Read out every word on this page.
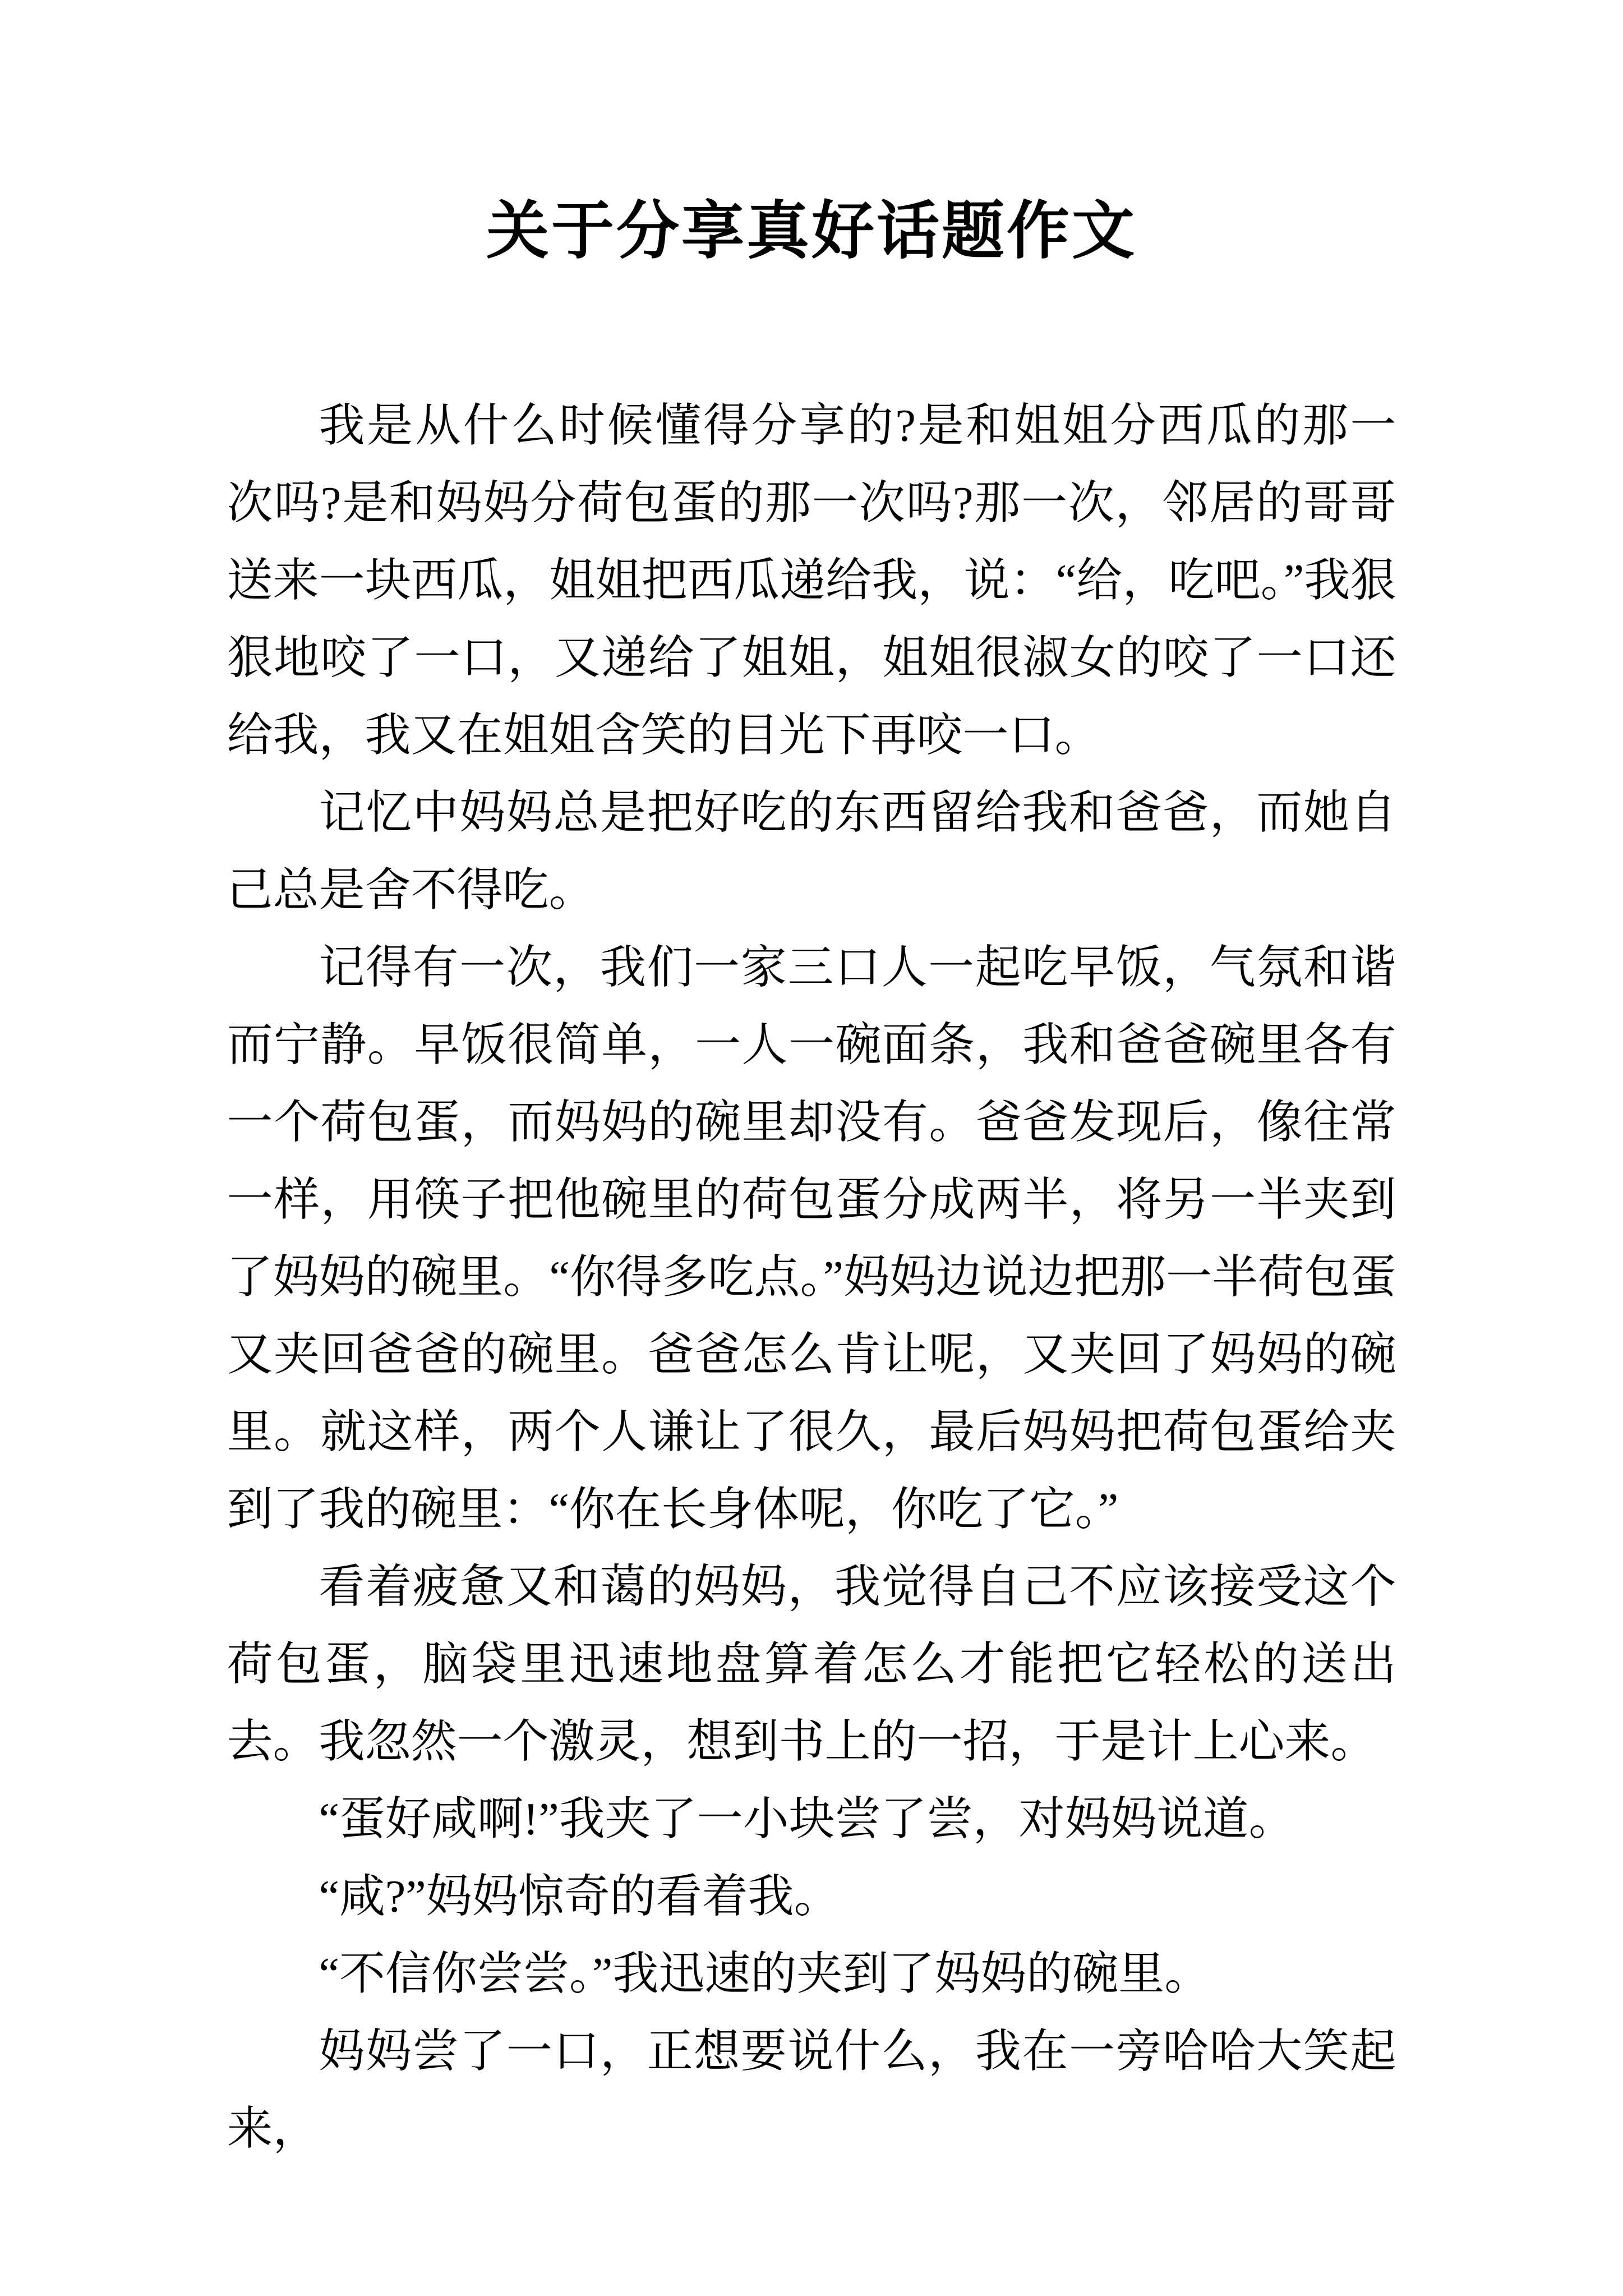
关于分享真好话题作文

我是从什么时候懂得分享的?是和姐姐分西瓜的那一次吗?是和妈妈分荷包蛋的那一次吗?那一次，邻居的哥哥送来一块西瓜，姐姐把西瓜递给我，说：“给，吃吧。”我狠狠地咬了一口，又递给了姐姐，姐姐很淑女的咬了一口还给我，我又在姐姐含笑的目光下再咬一口。

记忆中妈妈总是把好吃的东西留给我和爸爸，而她自己总是舍不得吃。

记得有一次，我们一家三口人一起吃早饭，气氛和谐而宁静。早饭很简单，一人一碗面条，我和爸爸碗里各有一个荷包蛋，而妈妈的碗里却没有。爸爸发现后，像往常一样，用筷子把他碗里的荷包蛋分成两半，将另一半夹到了妈妈的碗里。“你得多吃点。”妈妈边说边把那一半荷包蛋又夹回爸爸的碗里。爸爸怎么肯让呢，又夹回了妈妈的碗里。就这样，两个人谦让了很久，最后妈妈把荷包蛋给夹到了我的碗里：“你在长身体呢，你吃了它。”

看着疲惫又和蔼的妈妈，我觉得自己不应该接受这个荷包蛋，脑袋里迅速地盘算着怎么才能把它轻松的送出去。我忽然一个激灵，想到书上的一招，于是计上心来。

“蛋好咸啊!”我夹了一小块尝了尝，对妈妈说道。

“咸?”妈妈惊奇的看着我。

“不信你尝尝。”我迅速的夹到了妈妈的碗里。

妈妈尝了一口，正想要说什么，我在一旁哈哈大笑起来，
